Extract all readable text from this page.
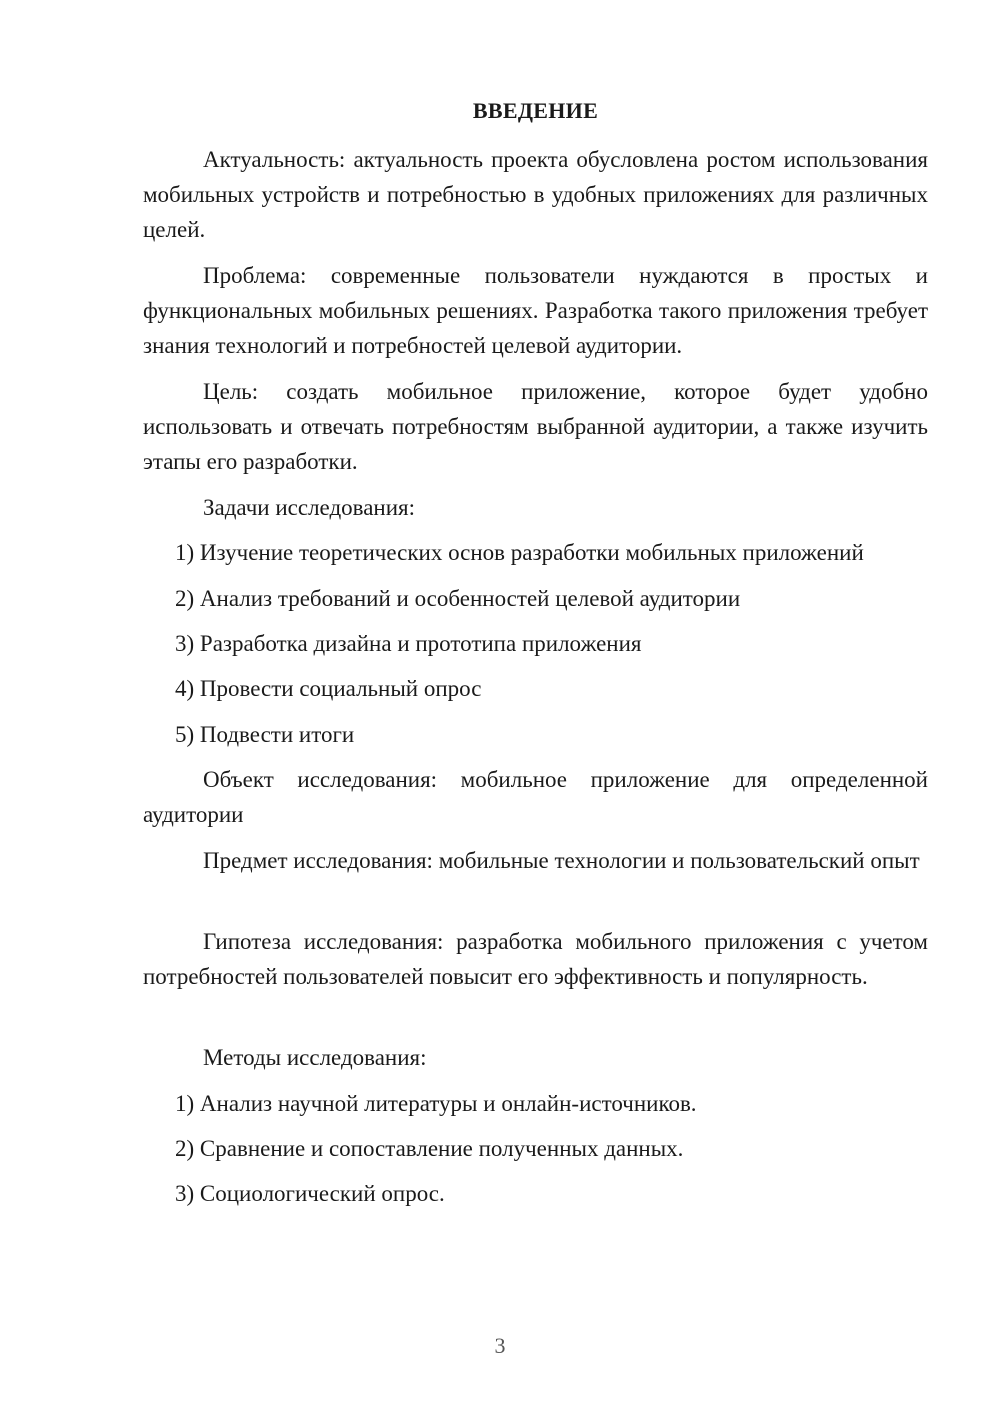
ВВЕДЕНИЕ

Актуальность: актуальность проекта обусловлена ростом использования мобильных устройств и потребностью в удобных приложениях для различных целей.

Проблема: современные пользователи нуждаются в простых и функциональных мобильных решениях. Разработка такого приложения требует знания технологий и потребностей целевой аудитории.

Цель: создать мобильное приложение, которое будет удобно использовать и отвечать потребностям выбранной аудитории, а также изучить этапы его разработки.

Задачи исследования:
1) Изучение теоретических основ разработки мобильных приложений
2) Анализ требований и особенностей целевой аудитории
3) Разработка дизайна и прототипа приложения
4) Провести социальный опрос
5) Подвести итоги

Объект исследования: мобильное приложение для определенной аудитории

Предмет исследования: мобильные технологии и пользовательский опыт

Гипотеза исследования: разработка мобильного приложения с учетом потребностей пользователей повысит его эффективность и популярность.

Методы исследования:
1) Анализ научной литературы и онлайн-источников.
2) Сравнение и сопоставление полученных данных.
3) Социологический опрос.
3
